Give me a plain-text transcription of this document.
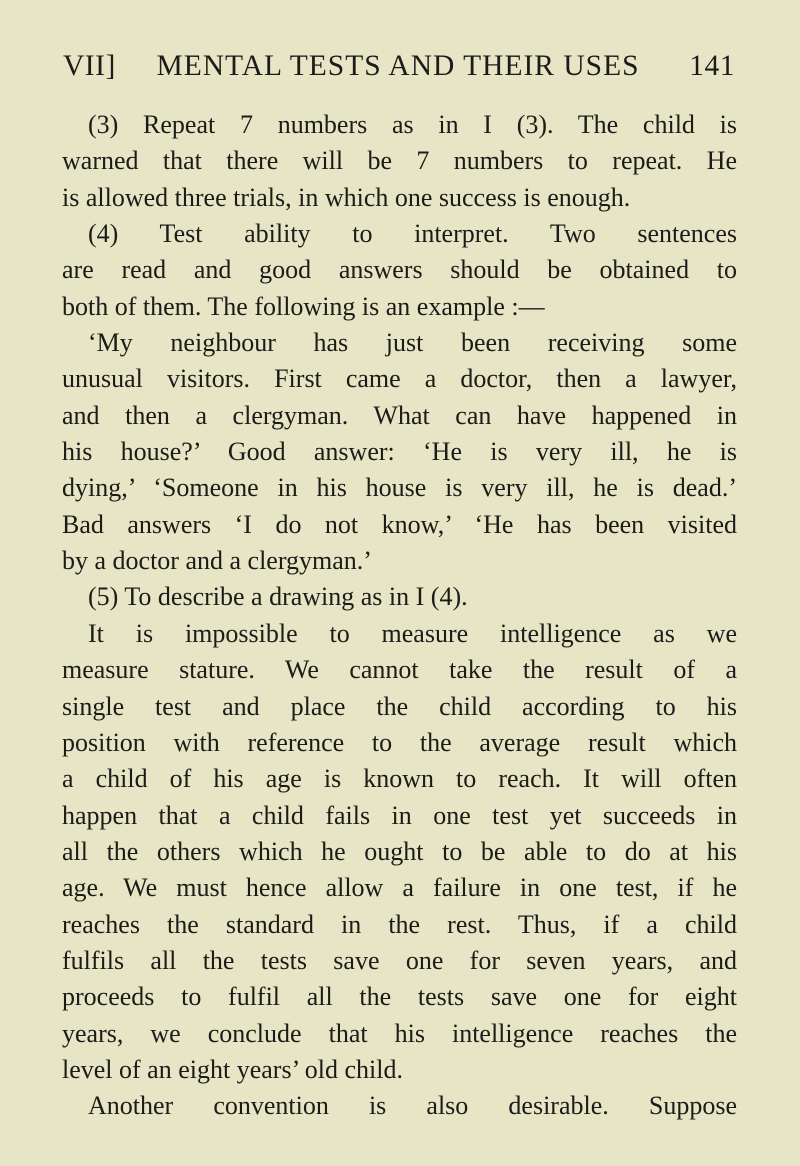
VII]	MENTAL TESTS AND THEIR USES	141
(3) Repeat 7 numbers as in I (3). The child is
warned that there will be 7 numbers to repeat. He
is allowed three trials, in which one success is enough.
(4) Test ability to interpret. Two sentences
are read and good answers should be obtained to
both of them. The following is an example :—
‘My neighbour has just been receiving some
unusual visitors. First came a doctor, then a lawyer,
and then a clergyman. What can have happened in
his house?’ Good answer: ‘He is very ill, he is
dying,’ ‘Someone in his house is very ill, he is dead.’
Bad answers ‘I do not know,’ ‘He has been visited
by a doctor and a clergyman.’
(5) To describe a drawing as in I (4).
It is impossible to measure intelligence as we
measure stature. We cannot take the result of a
single test and place the child according to his
position with reference to the average result which
a child of his age is known to reach. It will often
happen that a child fails in one test yet succeeds in
all the others which he ought to be able to do at his
age. We must hence allow a failure in one test, if he
reaches the standard in the rest. Thus, if a child
fulfils all the tests save one for seven years, and
proceeds to fulfil all the tests save one for eight
years, we conclude that his intelligence reaches the
level of an eight years’ old child.
Another convention is also desirable. Suppose
